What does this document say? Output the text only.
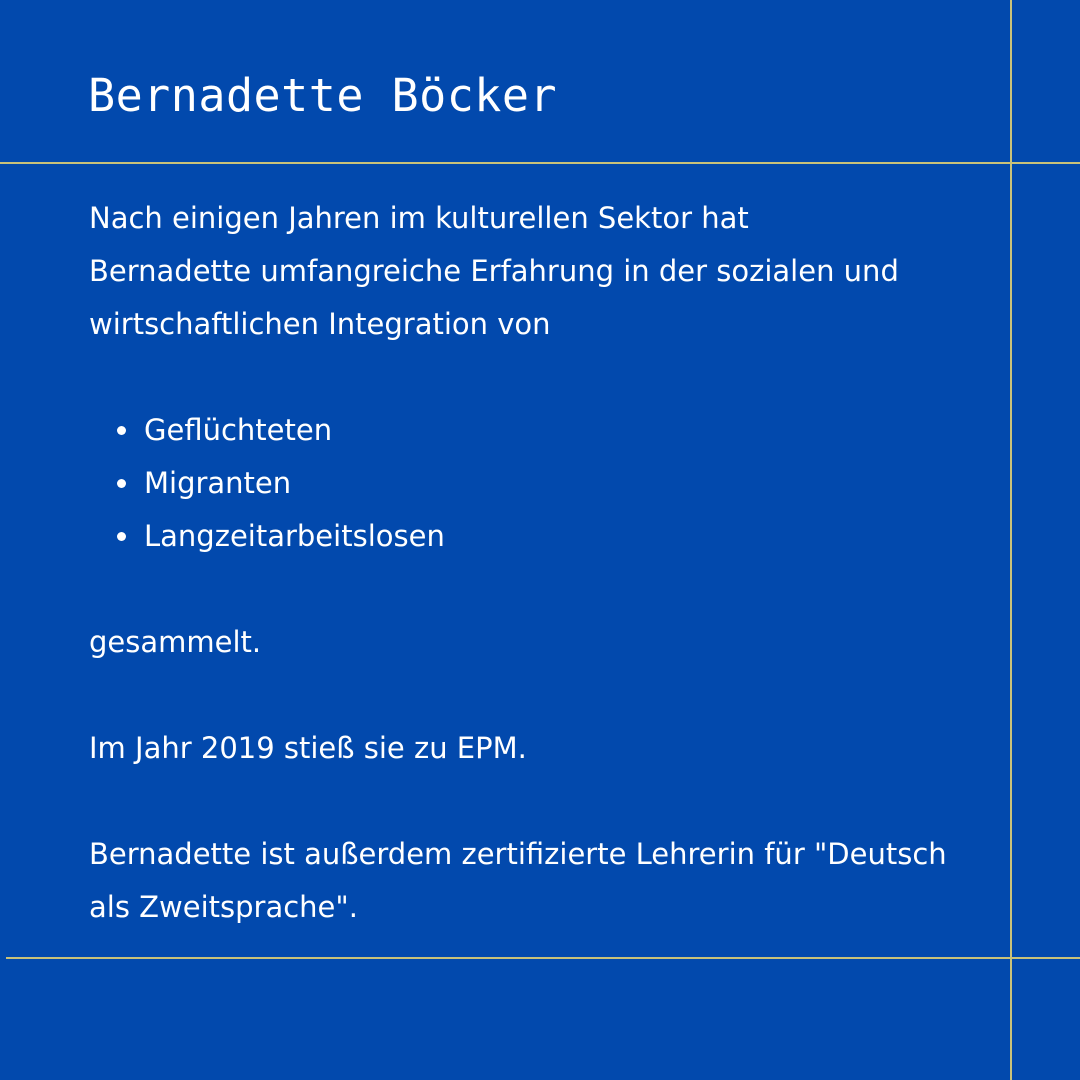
Bernadette Böcker

Nach einigen Jahren im kulturellen Sektor hat
Bernadette umfangreiche Erfahrung in der sozialen und
wirtschaftlichen Integration von

Geflüchteten
Migranten
Langzeitarbeitslosen

gesammelt.

Im Jahr 2019 stieß sie zu EPM.

Bernadette ist außerdem zertifizierte Lehrerin für "Deutsch
als Zweitsprache".
